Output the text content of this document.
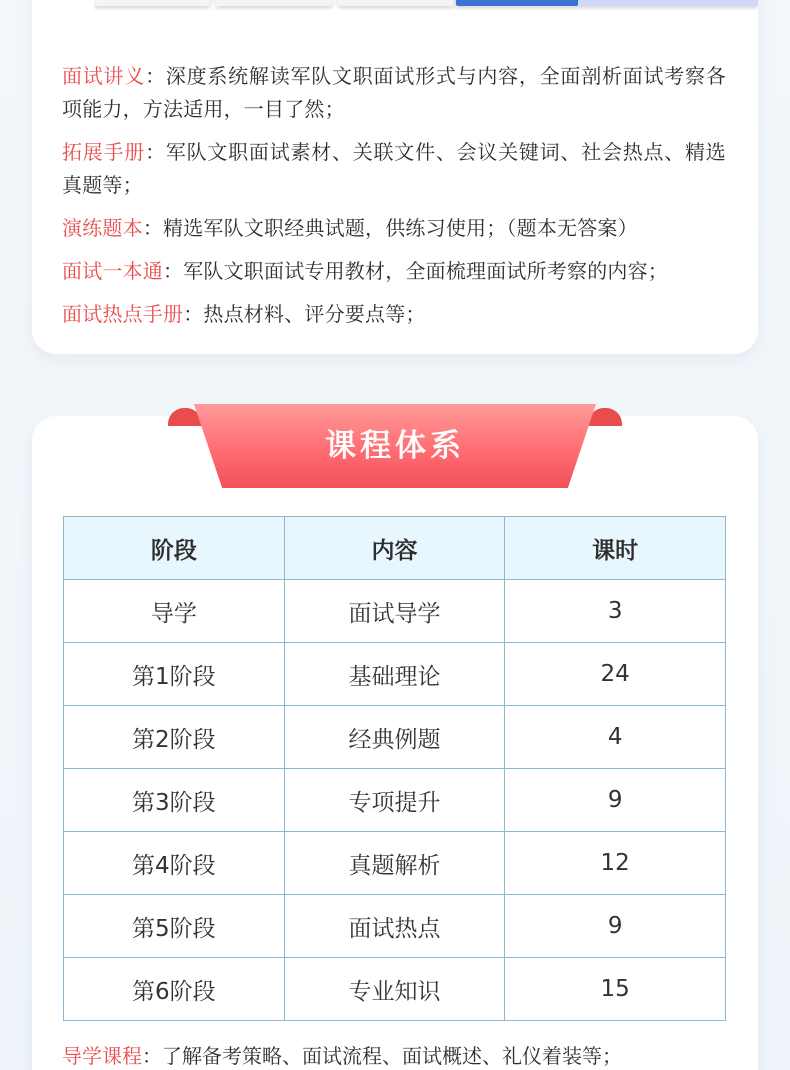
面试讲义：深度系统解读军队文职面试形式与内容，全面剖析面试考察各项能力，方法适用，一目了然；
拓展手册：军队文职面试素材、关联文件、会议关键词、社会热点、精选真题等；
演练题本：精选军队文职经典试题，供练习使用；（题本无答案）
面试一本通：军队文职面试专用教材，全面梳理面试所考察的内容；
面试热点手册：热点材料、评分要点等；
课程体系
阶段	内容	课时
导学	面试导学	3
第1阶段	基础理论	24
第2阶段	经典例题	4
第3阶段	专项提升	9
第4阶段	真题解析	12
第5阶段	面试热点	9
第6阶段	专业知识	15
导学课程：了解备考策略、面试流程、面试概述、礼仪着装等；
